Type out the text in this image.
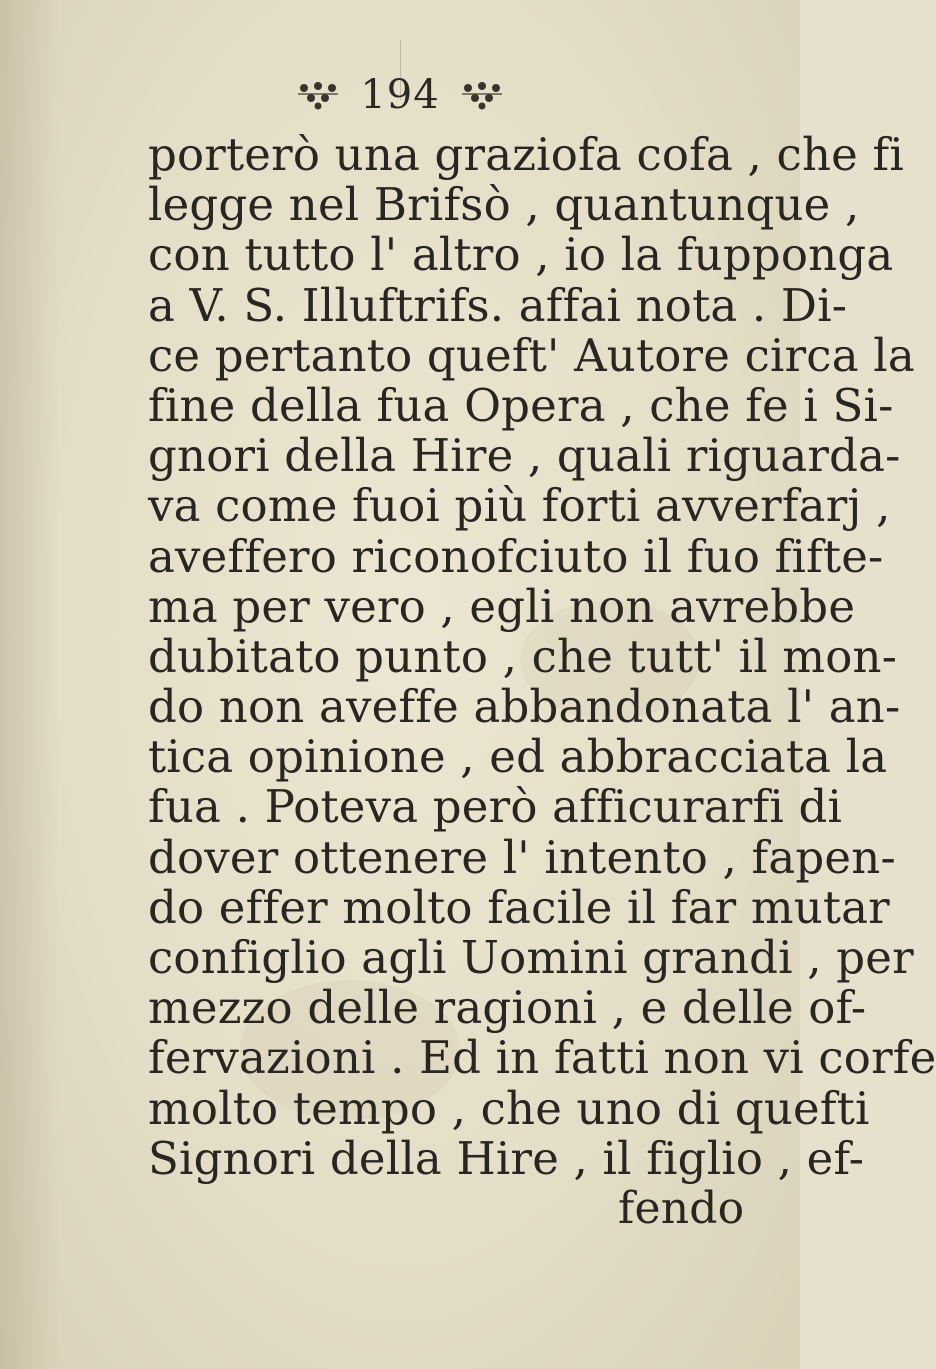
194
porterò una graziofa cofa , che fi
legge nel Brifsò , quantunque ,
con tutto l' altro , io la fupponga
a V. S. Illuftrifs. affai nota . Di-
ce pertanto queft' Autore circa la
fine della fua Opera , che fe i Si-
gnori della Hire , quali riguarda-
va come fuoi più forti avverfarj ,
aveffero riconofciuto il fuo fifte-
ma per vero , egli non avrebbe
dubitato punto , che tutt' il mon-
do non aveffe abbandonata l' an-
tica opinione , ed abbracciata la
fua . Poteva però afficurarfi di
dover ottenere l' intento , fapen-
do effer molto facile il far mutar
configlio agli Uomini grandi , per
mezzo delle ragioni , e delle of-
fervazioni . Ed in fatti non vi corfe
molto tempo , che uno di quefti
Signori della Hire , il figlio , ef-
fendo
